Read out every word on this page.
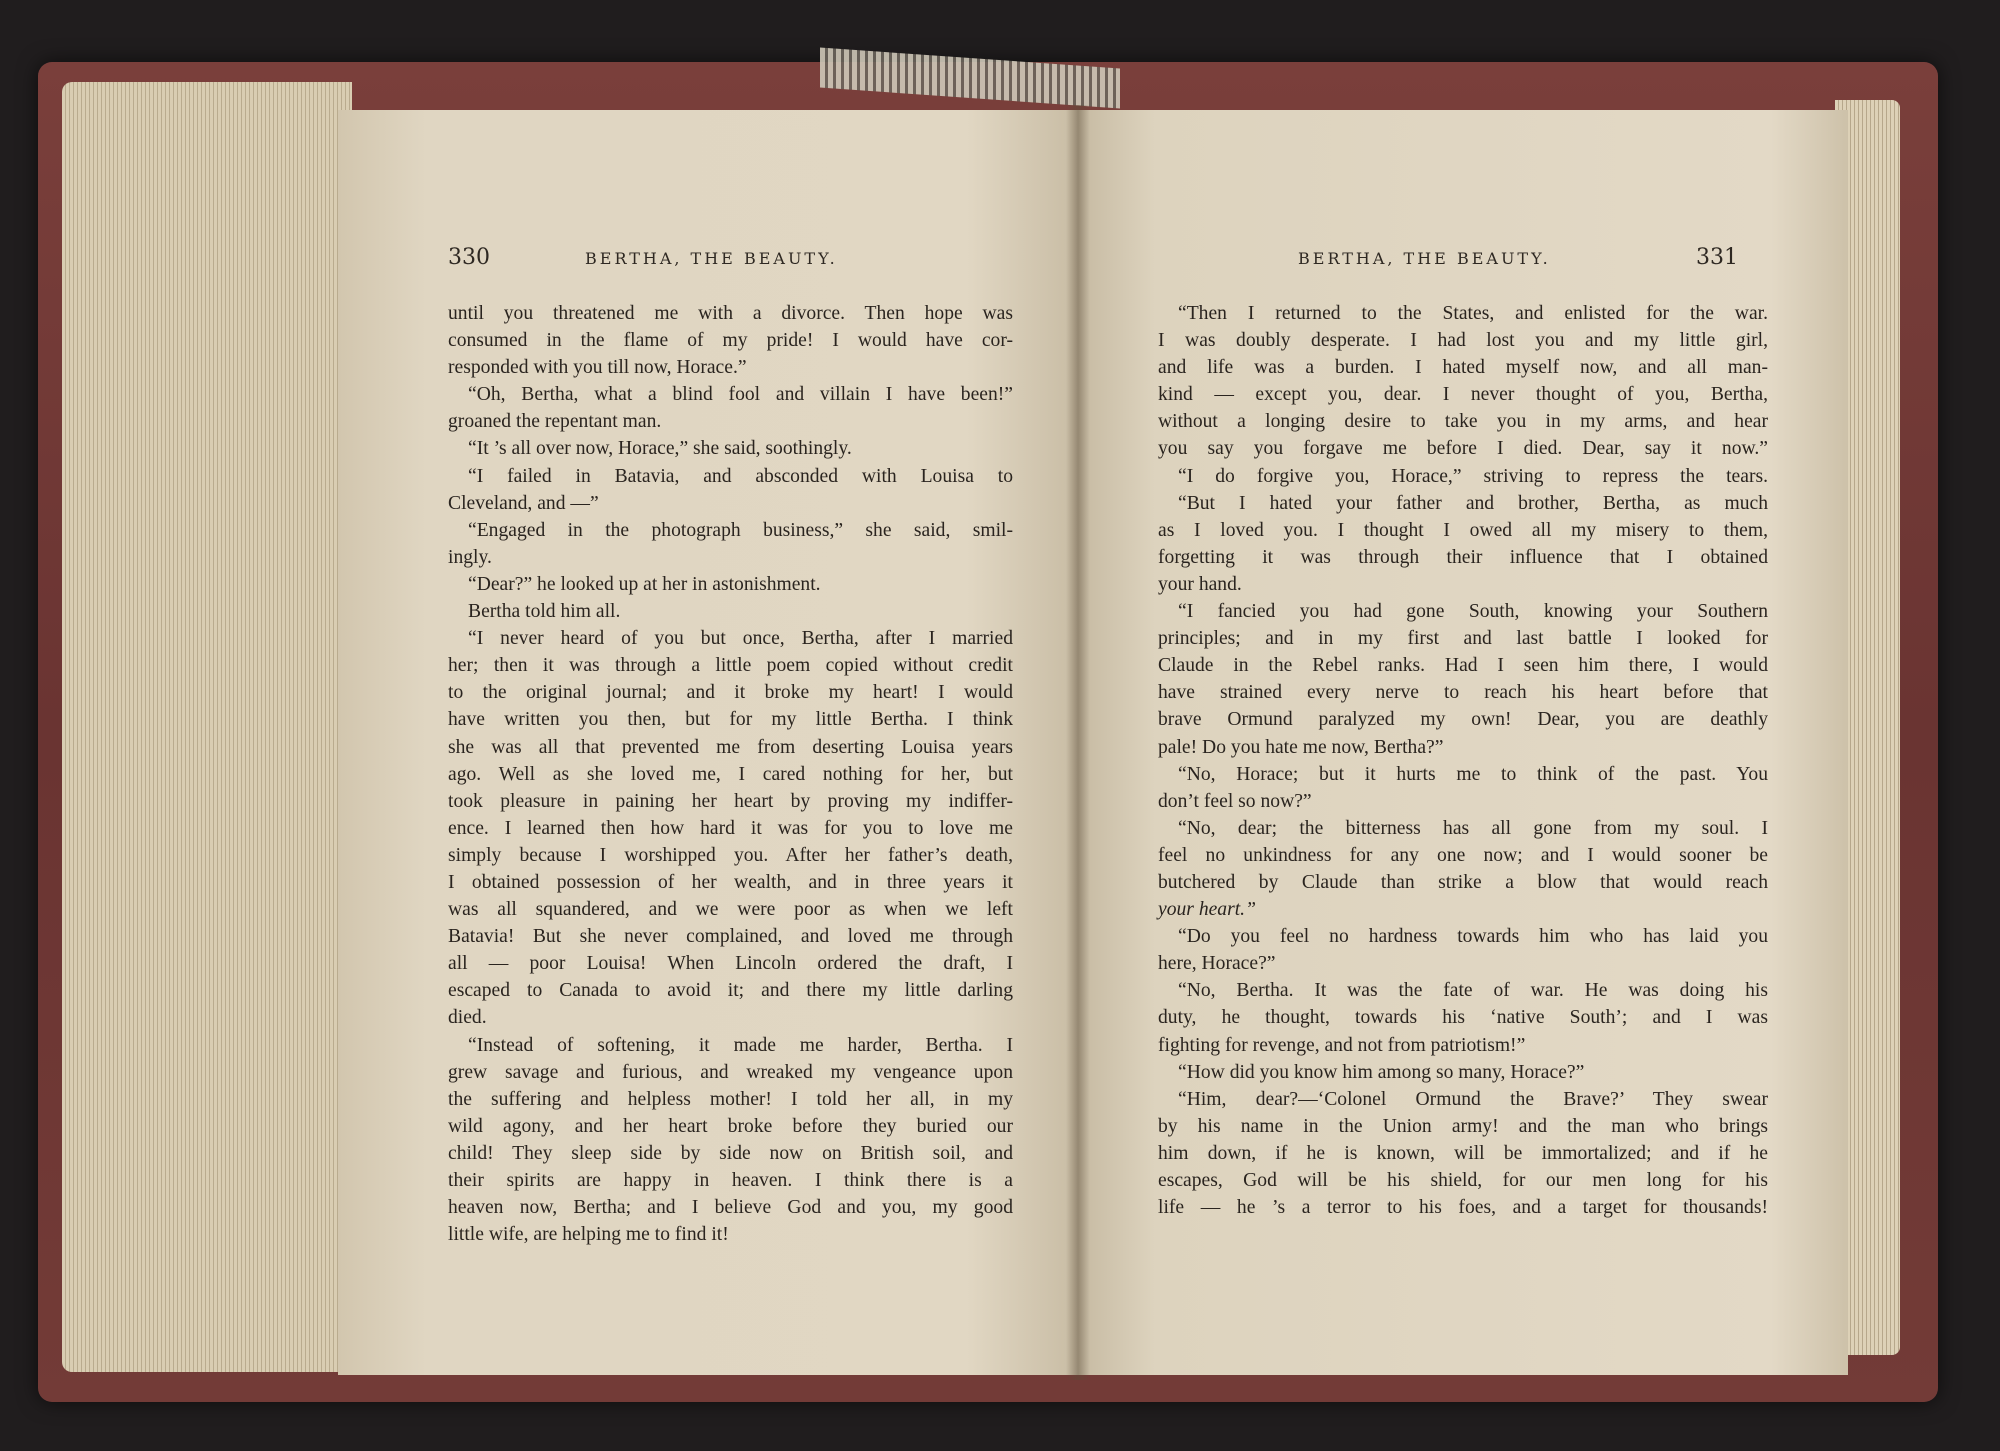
330	BERTHA, THE BEAUTY.
until you threatened me with a divorce. Then hope was
consumed in the flame of my pride! I would have cor-
responded with you till now, Horace.”
“Oh, Bertha, what a blind fool and villain I have been!”
groaned the repentant man.
“It ’s all over now, Horace,” she said, soothingly.
“I failed in Batavia, and absconded with Louisa to
Cleveland, and —”
“Engaged in the photograph business,” she said, smil-
ingly.
“Dear?” he looked up at her in astonishment.
Bertha told him all.
“I never heard of you but once, Bertha, after I married
her; then it was through a little poem copied without credit
to the original journal; and it broke my heart! I would
have written you then, but for my little Bertha. I think
she was all that prevented me from deserting Louisa years
ago. Well as she loved me, I cared nothing for her, but
took pleasure in paining her heart by proving my indiffer-
ence. I learned then how hard it was for you to love me
simply because I worshipped you. After her father’s death,
I obtained possession of her wealth, and in three years it
was all squandered, and we were poor as when we left
Batavia! But she never complained, and loved me through
all — poor Louisa! When Lincoln ordered the draft, I
escaped to Canada to avoid it; and there my little darling
died.
“Instead of softening, it made me harder, Bertha. I
grew savage and furious, and wreaked my vengeance upon
the suffering and helpless mother! I told her all, in my
wild agony, and her heart broke before they buried our
child! They sleep side by side now on British soil, and
their spirits are happy in heaven. I think there is a
heaven now, Bertha; and I believe God and you, my good
little wife, are helping me to find it!
BERTHA, THE BEAUTY.	331
“Then I returned to the States, and enlisted for the war.
I was doubly desperate. I had lost you and my little girl,
and life was a burden. I hated myself now, and all man-
kind — except you, dear. I never thought of you, Bertha,
without a longing desire to take you in my arms, and hear
you say you forgave me before I died. Dear, say it now.”
“I do forgive you, Horace,” striving to repress the tears.
“But I hated your father and brother, Bertha, as much
as I loved you. I thought I owed all my misery to them,
forgetting it was through their influence that I obtained
your hand.
“I fancied you had gone South, knowing your Southern
principles; and in my first and last battle I looked for
Claude in the Rebel ranks. Had I seen him there, I would
have strained every nerve to reach his heart before that
brave Ormund paralyzed my own! Dear, you are deathly
pale! Do you hate me now, Bertha?”
“No, Horace; but it hurts me to think of the past. You
don’t feel so now?”
“No, dear; the bitterness has all gone from my soul. I
feel no unkindness for any one now; and I would sooner be
butchered by Claude than strike a blow that would reach
your heart.”
“Do you feel no hardness towards him who has laid you
here, Horace?”
“No, Bertha. It was the fate of war. He was doing his
duty, he thought, towards his ‘native South’; and I was
fighting for revenge, and not from patriotism!”
“How did you know him among so many, Horace?”
“Him, dear?—‘Colonel Ormund the Brave?’ They swear
by his name in the Union army! and the man who brings
him down, if he is known, will be immortalized; and if he
escapes, God will be his shield, for our men long for his
life — he ’s a terror to his foes, and a target for thousands!
